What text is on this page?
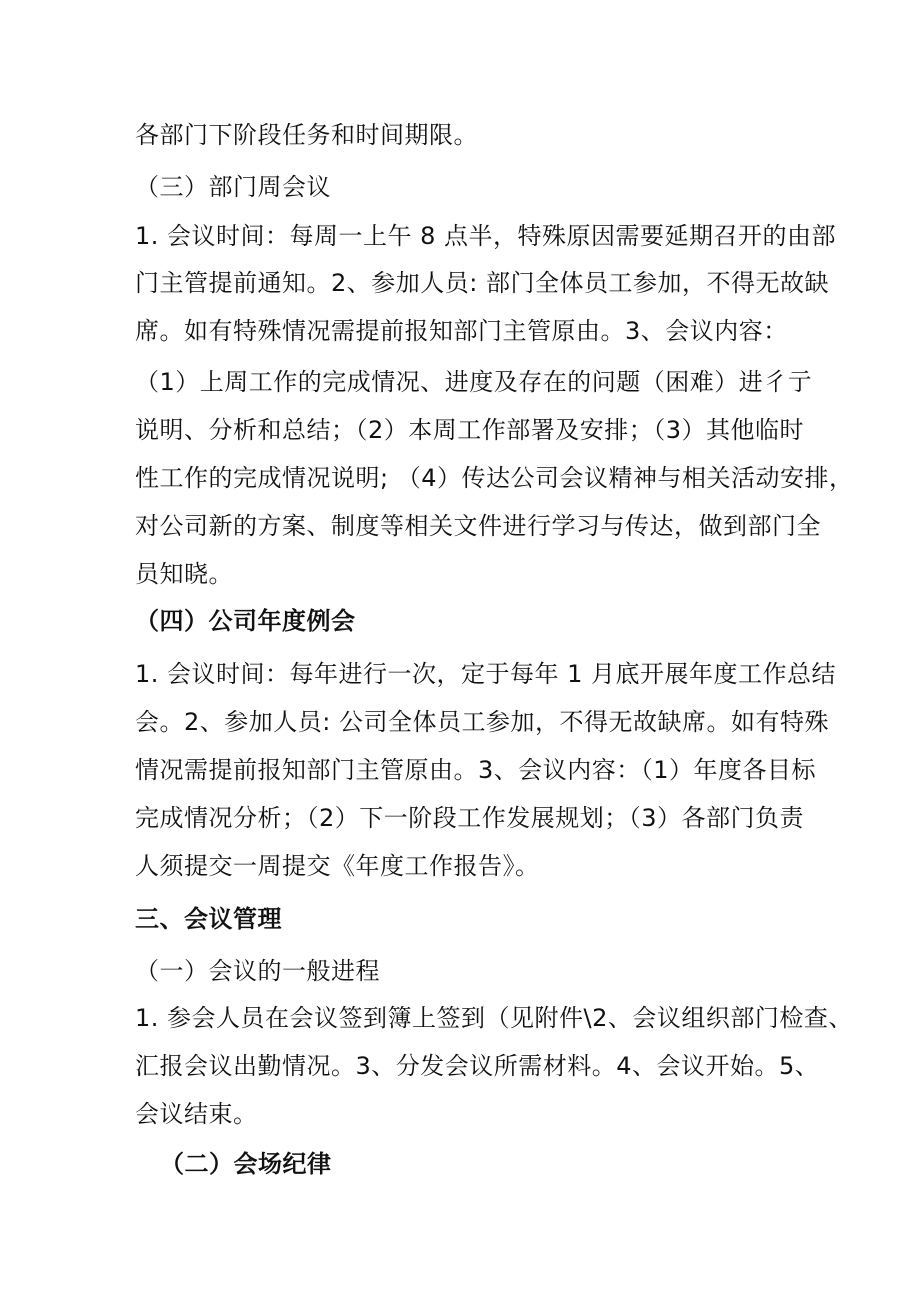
各部门下阶段任务和时间期限。
（三）部门周会议
1. 会议时间：每周一上午 8 点半，特殊原因需要延期召开的由部
门主管提前通知。2、参加人员: 部门全体员工参加，不得无故缺
席。如有特殊情况需提前报知部门主管原由。3、会议内容：
（1）上周工作的完成情况、进度及存在的问题（困难）进彳亍
说明、分析和总结；（2）本周工作部署及安排；（3）其他临时
性工作的完成情况说明; （4）传达公司会议精神与相关活动安排，
对公司新的方案、制度等相关文件进行学习与传达，做到部门全
员知晓。
（四）公司年度例会
1. 会议时间：每年进行一次，定于每年 1 月底开展年度工作总结
会。2、参加人员: 公司全体员工参加，不得无故缺席。如有特殊
情况需提前报知部门主管原由。3、会议内容：（1）年度各目标
完成情况分析；（2）下一阶段工作发展规划；（3）各部门负责
人须提交一周提交《年度工作报告》。
三、会议管理
（一）会议的一般进程
1. 参会人员在会议签到簿上签到（见附件\2、会议组织部门检查、
汇报会议出勤情况。3、分发会议所需材料。4、会议开始。5、
会议结束。
（二）会场纪律
